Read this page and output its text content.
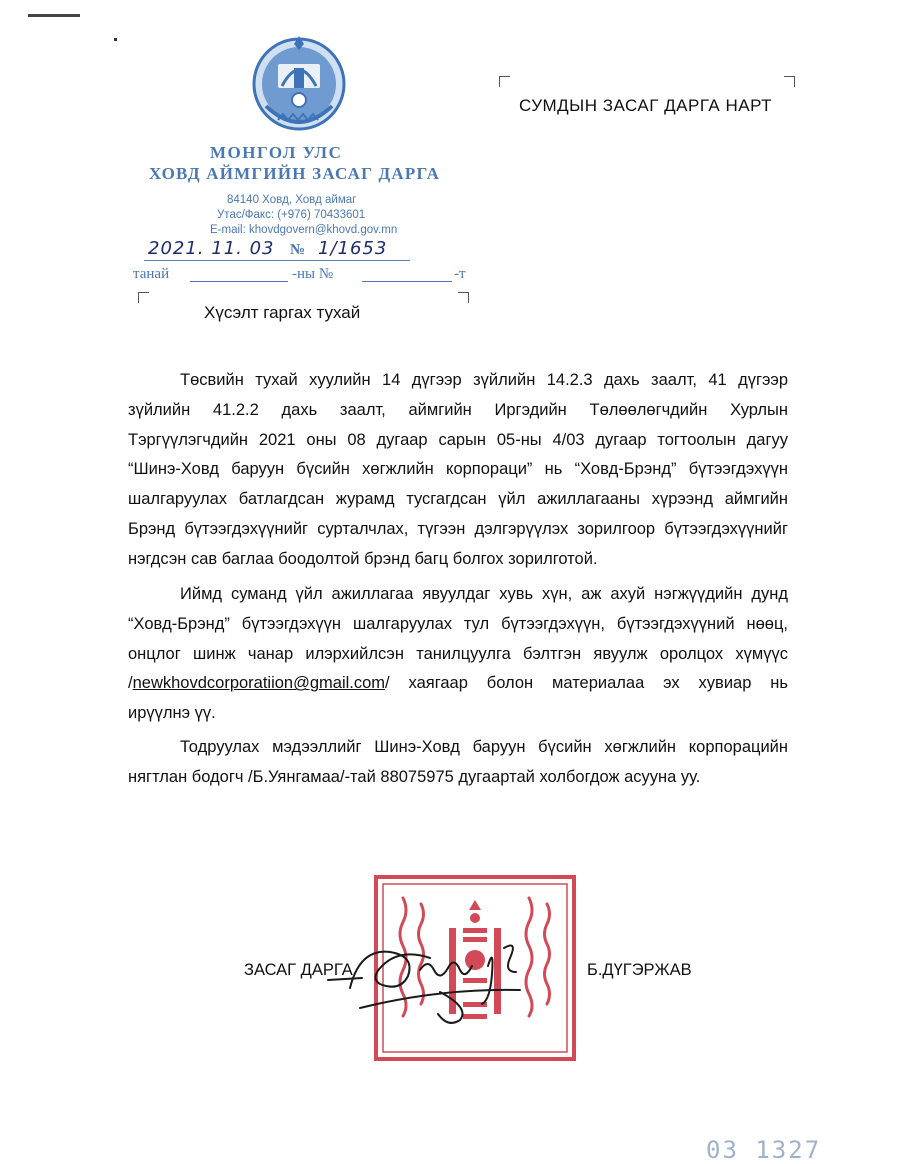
МОНГОЛ УЛС
ХОВД АЙМГИЙН ЗАСАГ ДАРГА
84140 Ховд, Ховд аймаг
Утас/Факс: (+976) 70433601
E-mail: khovdgovern@khovd.gov.mn
2021. 11. 03 № 1/1653
танай	-ны №	-т
СУМДЫН ЗАСАГ ДАРГА НАРТ
Хүсэлт гаргах тухай

Төсвийн тухай хуулийн 14 дүгээр зүйлийн 14.2.3 дахь заалт, 41 дүгээр
зүйлийн 41.2.2 дахь заалт, аймгийн Иргэдийн Төлөөлөгчдийн Хурлын
Тэргүүлэгчдийн 2021 оны 08 дугаар сарын 05-ны 4/03 дугаар тогтоолын дагуу
“Шинэ-Ховд баруун бүсийн хөгжлийн корпораци” нь “Ховд-Брэнд” бүтээгдэхүүн
шалгаруулах батлагдсан журамд тусгагдсан үйл ажиллагааны хүрээнд аймгийн
Брэнд бүтээгдэхүүнийг сурталчлах, түгээн дэлгэрүүлэх зорилгоор бүтээгдэхүүнийг
нэгдсэн сав баглаа боодолтой брэнд багц болгох зорилготой.

Иймд суманд үйл ажиллагаа явуулдаг хувь хүн, аж ахуй нэгжүүдийн дунд
“Ховд-Брэнд” бүтээгдэхүүн шалгаруулах тул бүтээгдэхүүн, бүтээгдэхүүний нөөц,
онцлог шинж чанар илэрхийлсэн танилцуулга бэлтгэн явуулж оролцох хүмүүс
/newkhovdcorporatiion@gmail.com/ хаягаар болон материалаа эх хувиар нь
ирүүлнэ үү.

Тодруулах мэдээллийг Шинэ-Ховд баруун бүсийн хөгжлийн корпорацийн
нягтлан бодогч /Б.Уянгамаа/-тай 88075975 дугаартай холбогдож асууна уу.

ЗАСАГ ДАРГА	Б.ДҮГЭРЖАВ
03 1327
